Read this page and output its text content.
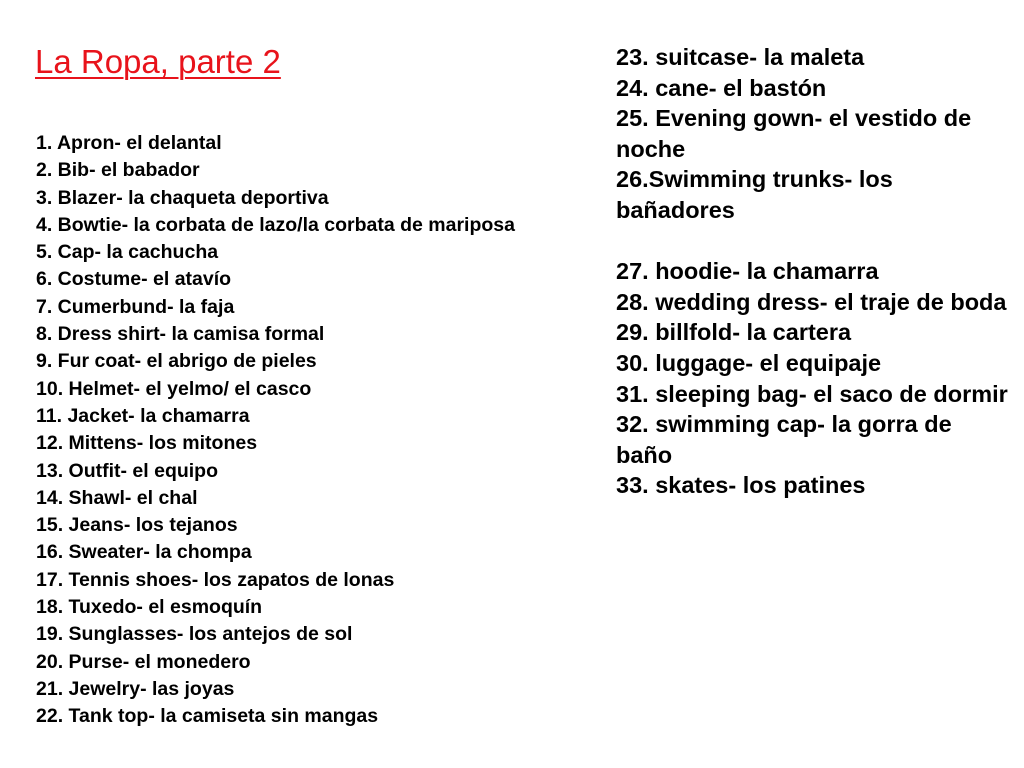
La Ropa, parte 2
1. Apron- el delantal
2. Bib- el babador
3. Blazer- la chaqueta deportiva
4. Bowtie- la corbata de lazo/la corbata de mariposa
5. Cap- la cachucha
6. Costume- el atavío
7. Cumerbund- la faja
8. Dress shirt- la camisa formal
9. Fur coat- el abrigo de pieles
10. Helmet- el yelmo/ el casco
11. Jacket- la chamarra
12. Mittens- los mitones
13. Outfit- el equipo
14. Shawl- el chal
15. Jeans- los tejanos
16. Sweater- la chompa
17. Tennis shoes- los zapatos de lonas
18. Tuxedo- el esmoquín
19. Sunglasses- los antejos de sol
20. Purse- el monedero
21. Jewelry- las joyas
22. Tank top- la camiseta sin mangas
23. suitcase- la maleta
24. cane- el bastón
25. Evening gown- el vestido de noche
26.Swimming trunks- los bañadores
27. hoodie- la chamarra
28. wedding dress- el traje de boda
29. billfold- la cartera
30. luggage- el equipaje
31. sleeping bag- el saco de dormir
32. swimming cap- la gorra de baño
33. skates- los patines
